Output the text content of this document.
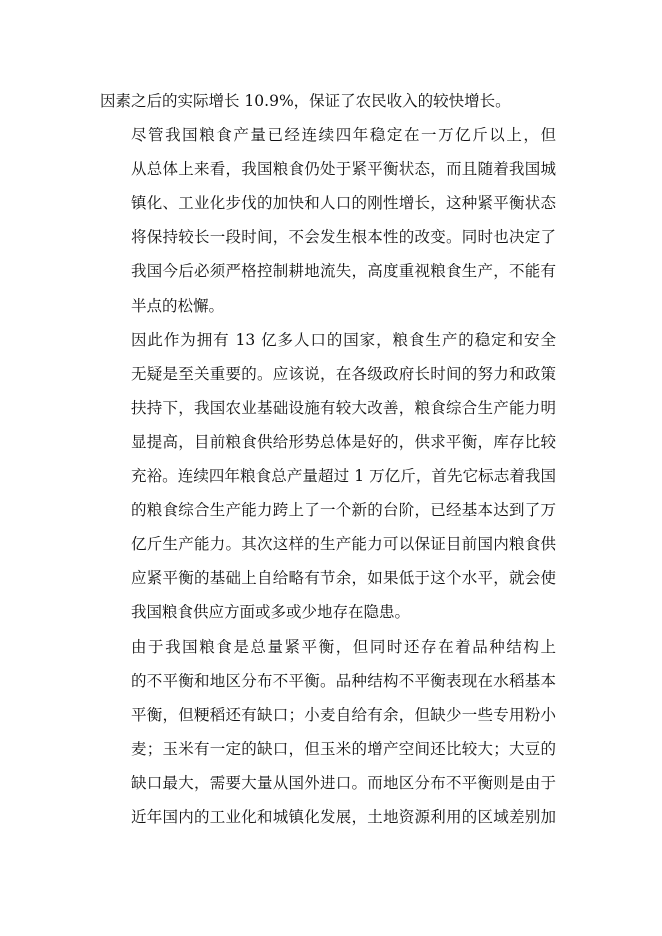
因素之后的实际增长 10.9%，保证了农民收入的较快增长。

尽管我国粮食产量已经连续四年稳定在一万亿斤以上，但
从总体上来看，我国粮食仍处于紧平衡状态，而且随着我国城
镇化、工业化步伐的加快和人口的刚性增长，这种紧平衡状态
将保持较长一段时间，不会发生根本性的改变。同时也决定了
我国今后必须严格控制耕地流失，高度重视粮食生产，不能有
半点的松懈。

因此作为拥有 13 亿多人口的国家，粮食生产的稳定和安全
无疑是至关重要的。应该说，在各级政府长时间的努力和政策
扶持下，我国农业基础设施有较大改善，粮食综合生产能力明
显提高，目前粮食供给形势总体是好的，供求平衡，库存比较
充裕。连续四年粮食总产量超过 1 万亿斤，首先它标志着我国
的粮食综合生产能力跨上了一个新的台阶，已经基本达到了万
亿斤生产能力。其次这样的生产能力可以保证目前国内粮食供
应紧平衡的基础上自给略有节余，如果低于这个水平，就会使
我国粮食供应方面或多或少地存在隐患。

由于我国粮食是总量紧平衡，但同时还存在着品种结构上
的不平衡和地区分布不平衡。品种结构不平衡表现在水稻基本
平衡，但粳稻还有缺口；小麦自给有余，但缺少一些专用粉小
麦；玉米有一定的缺口，但玉米的增产空间还比较大；大豆的
缺口最大，需要大量从国外进口。而地区分布不平衡则是由于
近年国内的工业化和城镇化发展，土地资源利用的区域差别加
